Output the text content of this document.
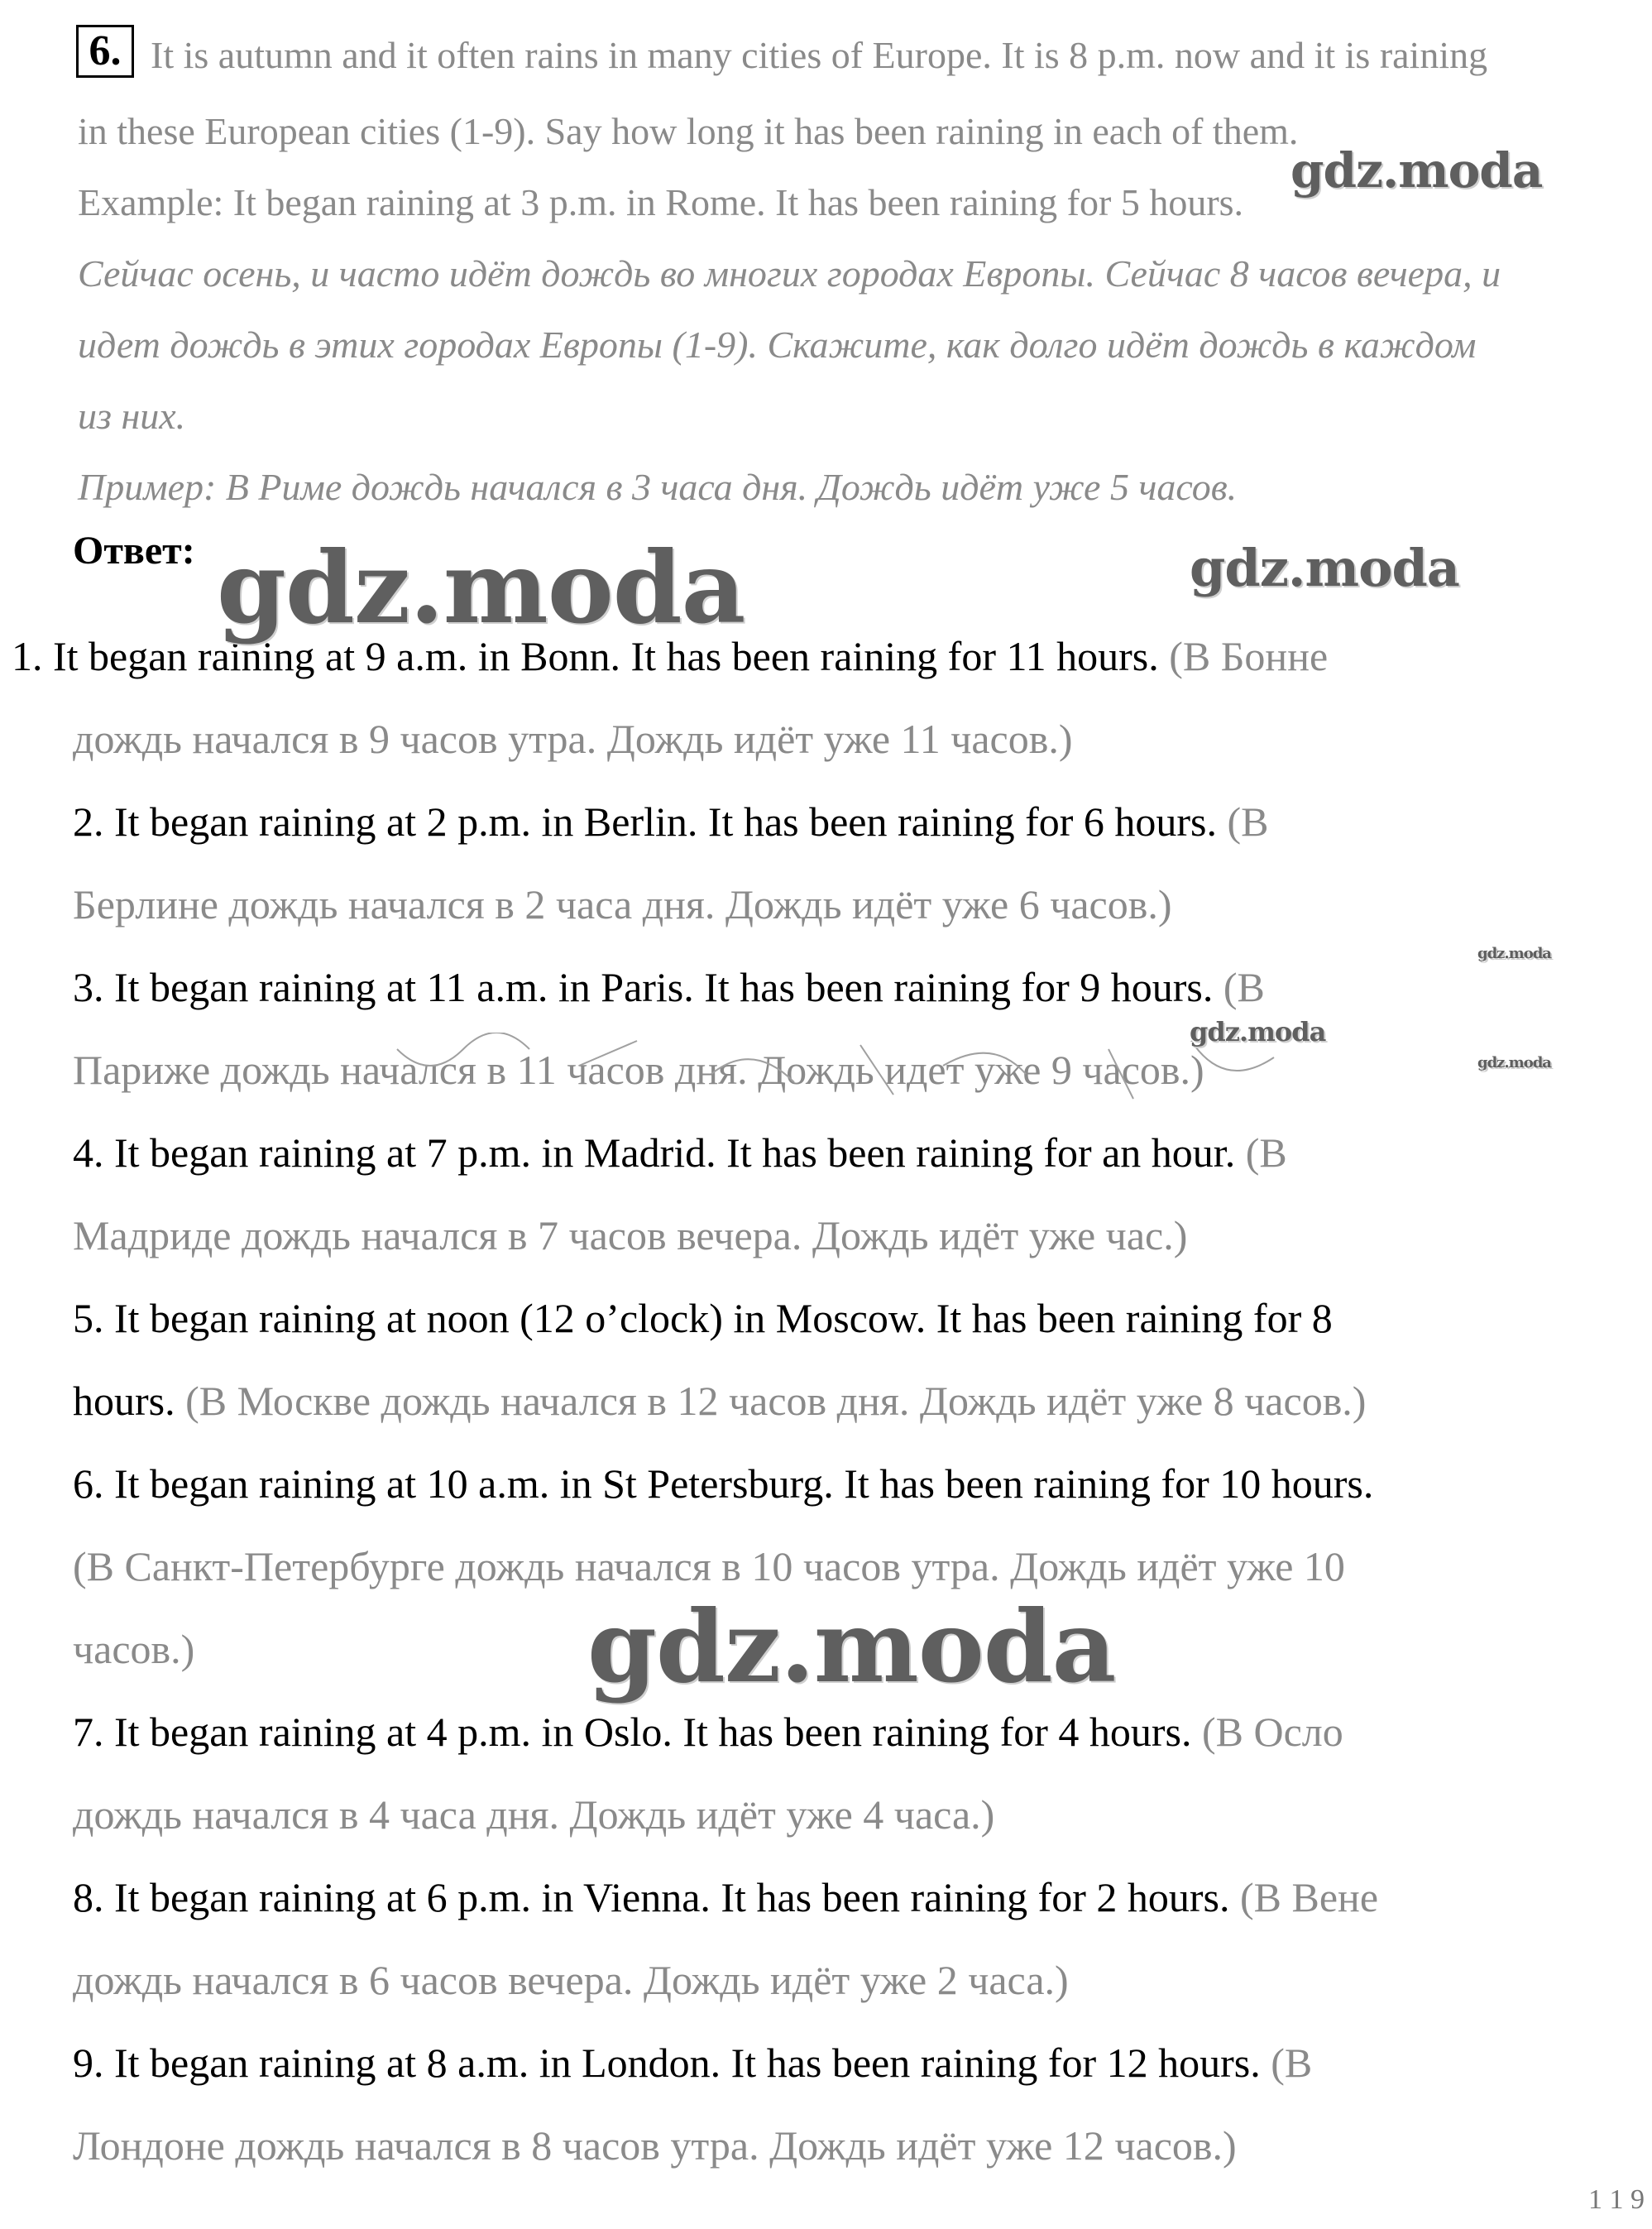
6. It is autumn and it often rains in many cities of Europe. It is 8 p.m. now and it is raining
in these European cities (1-9). Say how long it has been raining in each of them.
Example: It began raining at 3 p.m. in Rome. It has been raining for 5 hours.
Сейчас осень, и часто идёт дождь во многих городах Европы. Сейчас 8 часов вечера, и
идет дождь в этих городах Европы (1-9). Скажите, как долго идёт дождь в каждом
из них.
Пример: В Риме дождь начался в 3 часа дня. Дождь идёт уже 5 часов.
Ответ:
1. It began raining at 9 a.m. in Bonn. It has been raining for 11 hours. (В Бонне
дождь начался в 9 часов утра. Дождь идёт уже 11 часов.)
2. It began raining at 2 p.m. in Berlin. It has been raining for 6 hours. (В
Берлине дождь начался в 2 часа дня. Дождь идёт уже 6 часов.)
3. It began raining at 11 a.m. in Paris. It has been raining for 9 hours. (В
Париже дождь начался в 11 часов дня. Дождь идет уже 9 часов.)
4. It began raining at 7 p.m. in Madrid. It has been raining for an hour. (В
Мадриде дождь начался в 7 часов вечера. Дождь идёт уже час.)
5. It began raining at noon (12 o’clock) in Moscow. It has been raining for 8
hours. (В Москве дождь начался в 12 часов дня. Дождь идёт уже 8 часов.)
6. It began raining at 10 a.m. in St Petersburg. It has been raining for 10 hours.
(В Санкт-Петербурге дождь начался в 10 часов утра. Дождь идёт уже 10
часов.)
7. It began raining at 4 p.m. in Oslo. It has been raining for 4 hours. (В Осло
дождь начался в 4 часа дня. Дождь идёт уже 4 часа.)
8. It began raining at 6 p.m. in Vienna. It has been raining for 2 hours. (В Вене
дождь начался в 6 часов вечера. Дождь идёт уже 2 часа.)
9. It began raining at 8 a.m. in London. It has been raining for 12 hours. (В
Лондоне дождь начался в 8 часов утра. Дождь идёт уже 12 часов.)
gdz.moda
gdz.moda	gdz.moda
gdz.moda
gdz.moda
gdz.moda
gdz.moda
1 1 9
